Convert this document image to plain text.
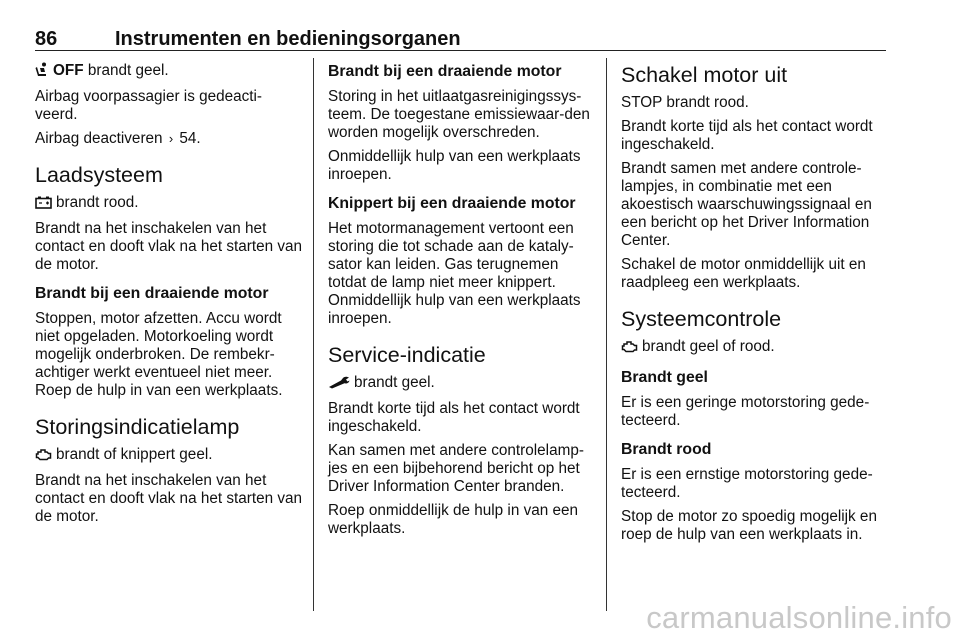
86	Instrumenten en bedieningsorganen

OFF brandt geel.

Airbag voorpassagier is gedeacti-veerd.

Airbag deactiveren › 54.

Laadsysteem

brandt rood.

Brandt na het inschakelen van het contact en dooft vlak na het starten van de motor.

Brandt bij een draaiende motor

Stoppen, motor afzetten. Accu wordt niet opgeladen. Motorkoeling wordt mogelijk onderbroken. De rembekr-achtiger werkt eventueel niet meer. Roep de hulp in van een werkplaats.

Storingsindicatielamp

brandt of knippert geel.

Brandt na het inschakelen van het contact en dooft vlak na het starten van de motor.

Brandt bij een draaiende motor

Storing in het uitlaatgasreinigingssys-teem. De toegestane emissiewaar-den worden mogelijk overschreden.

Onmiddellijk hulp van een werkplaats inroepen.

Knippert bij een draaiende motor

Het motormanagement vertoont een storing die tot schade aan de kataly-sator kan leiden. Gas terugnemen totdat de lamp niet meer knippert. Onmiddellijk hulp van een werkplaats inroepen.

Service-indicatie

brandt geel.

Brandt korte tijd als het contact wordt ingeschakeld.

Kan samen met andere controlelamp-jes en een bijbehorend bericht op het Driver Information Center branden.

Roep onmiddellijk de hulp in van een werkplaats.

Schakel motor uit

STOP brandt rood.

Brandt korte tijd als het contact wordt ingeschakeld.

Brandt samen met andere controle-lampjes, in combinatie met een akoestisch waarschuwingssignaal en een bericht op het Driver Information Center.

Schakel de motor onmiddellijk uit en raadpleeg een werkplaats.

Systeemcontrole

brandt geel of rood.

Brandt geel

Er is een geringe motorstoring gede-tecteerd.

Brandt rood

Er is een ernstige motorstoring gede-tecteerd.

Stop de motor zo spoedig mogelijk en roep de hulp van een werkplaats in.

carmanualsonline.info
